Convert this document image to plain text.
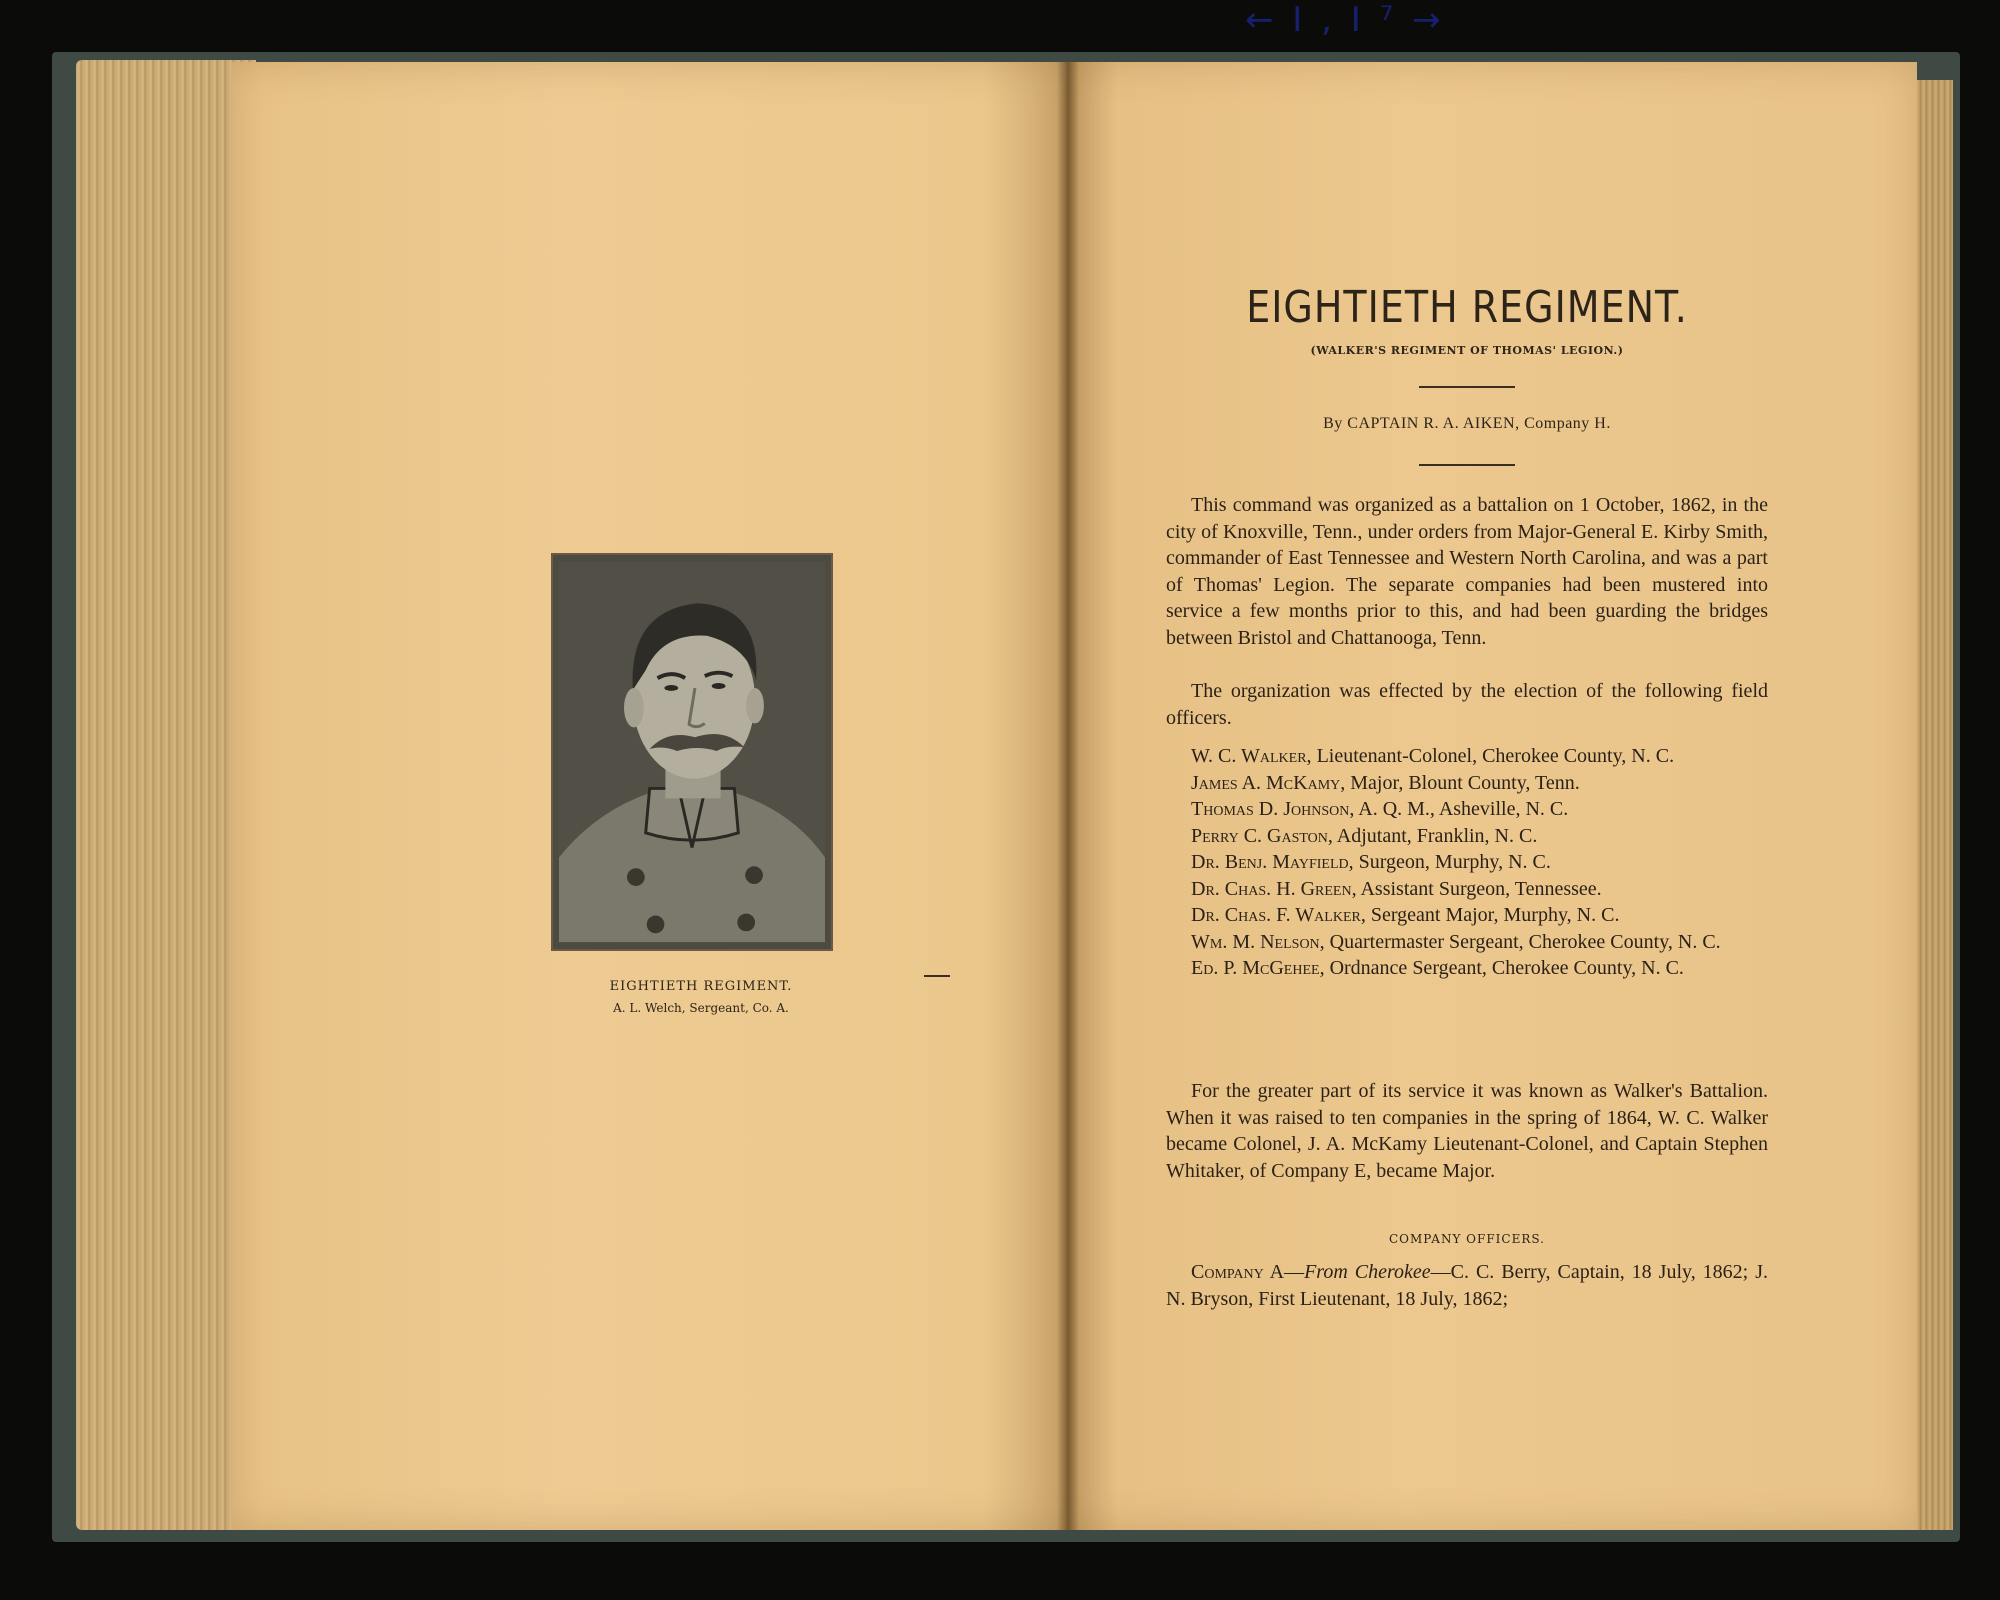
← Ⅰ , Ⅰ ⁷ →
EIGHTIETH REGIMENT.
A. L. Welch, Sergeant, Co. A.
EIGHTIETH REGIMENT.
(WALKER'S REGIMENT OF THOMAS' LEGION.)
By CAPTAIN R. A. AIKEN, Company H.

This command was organized as a battalion on 1 October, 1862, in the city of Knoxville, Tenn., under orders from Major-General E. Kirby Smith, commander of East Tennessee and Western North Carolina, and was a part of Thomas' Legion. The separate companies had been mustered into service a few months prior to this, and had been guarding the bridges between Bristol and Chattanooga, Tenn.

The organization was effected by the election of the following field officers.

W. C. Walker, Lieutenant-Colonel, Cherokee County, N. C.
James A. McKamy, Major, Blount County, Tenn.
Thomas D. Johnson, A. Q. M., Asheville, N. C.
Perry C. Gaston, Adjutant, Franklin, N. C.
Dr. Benj. Mayfield, Surgeon, Murphy, N. C.
Dr. Chas. H. Green, Assistant Surgeon, Tennessee.
Dr. Chas. F. Walker, Sergeant Major, Murphy, N. C.
Wm. M. Nelson, Quartermaster Sergeant, Cherokee County, N. C.
Ed. P. McGehee, Ordnance Sergeant, Cherokee County, N. C.

For the greater part of its service it was known as Walker's Battalion. When it was raised to ten companies in the spring of 1864, W. C. Walker became Colonel, J. A. McKamy Lieutenant-Colonel, and Captain Stephen Whitaker, of Company E, became Major.

COMPANY OFFICERS.

Company A—From Cherokee—C. C. Berry, Captain, 18 July, 1862; J. N. Bryson, First Lieutenant, 18 July, 1862;
